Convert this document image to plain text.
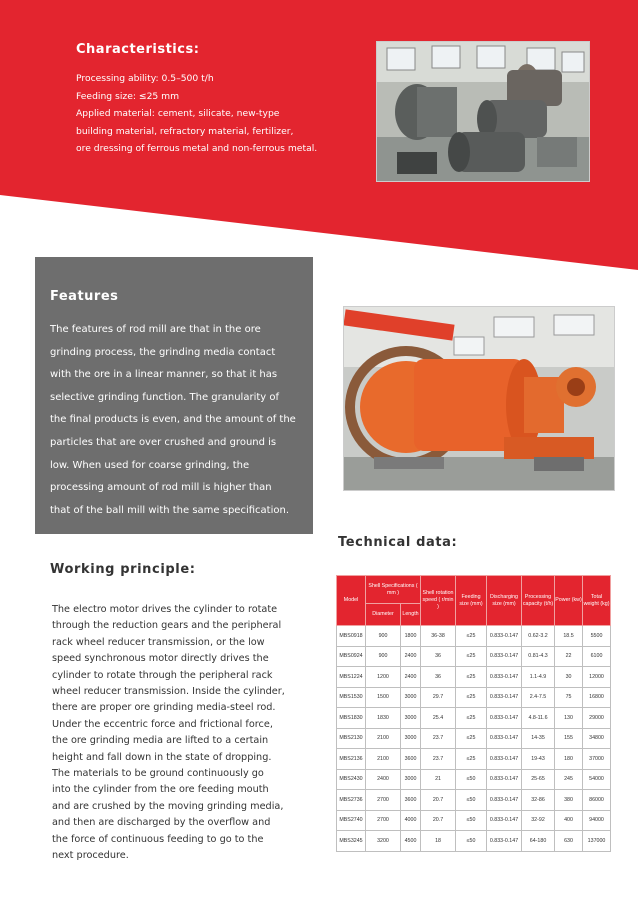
Characteristics:
Processing ability: 0.5–500 t/h
Feeding size: ≤25 mm
Applied material: cement, silicate, new-type
building material, refractory material, fertilizer,
ore dressing of ferrous metal and non-ferrous metal.
Features
The features of rod mill are that in the ore
grinding process, the grinding media contact
with the ore in a linear manner, so that it has
selective grinding function. The granularity of
the final products is even, and the amount of the
particles that are over crushed and ground is
low. When used for coarse grinding, the
processing amount of rod mill is higher than
that of the ball mill with the same specification.
Technical data:
Model	Shell Specifications ( mm )		Shell rotation speed ( r/min )	Feeding size (mm)	Discharging size (mm)	Processing capacity (t/h)	Power (kw)	Total weight (kg)
	Diameter	Length						
MBS0918	900	1800	36-38	≤25	0.833-0.147	0.62-3.2	18.5	5500
MBS0924	900	2400	36	≤25	0.833-0.147	0.81-4.3	22	6100
MBS1224	1200	2400	36	≤25	0.833-0.147	1.1-4.9	30	12000
MBS1530	1500	3000	29.7	≤25	0.833-0.147	2.4-7.5	75	16800
MBS1830	1830	3000	25.4	≤25	0.833-0.147	4.8-11.6	130	29000
MBS2130	2100	3000	23.7	≤25	0.833-0.147	14-35	155	34800
MBS2136	2100	3600	23.7	≤25	0.833-0.147	19-43	180	37000
MBS2430	2400	3000	21	≤50	0.833-0.147	25-65	245	54000
MBS2736	2700	3600	20.7	≤50	0.833-0.147	32-86	380	86000
MBS2740	2700	4000	20.7	≤50	0.833-0.147	32-92	400	94000
MBS3245	3200	4500	18	≤50	0.833-0.147	64-180	630	137000
Working principle:
The electro motor drives the cylinder to rotate
through the reduction gears and the peripheral
rack wheel reducer transmission, or the low
speed synchronous motor directly drives the
cylinder to rotate through the peripheral rack
wheel reducer transmission. Inside the cylinder,
there are proper ore grinding media-steel rod.
Under the eccentric force and frictional force,
the ore grinding media are lifted to a certain
height and fall down in the state of dropping.
The materials to be ground continuously go
into the cylinder from the ore feeding mouth
and are crushed by the moving grinding media,
and then are discharged by the overflow and
the force of continuous feeding to go to the
next procedure.
